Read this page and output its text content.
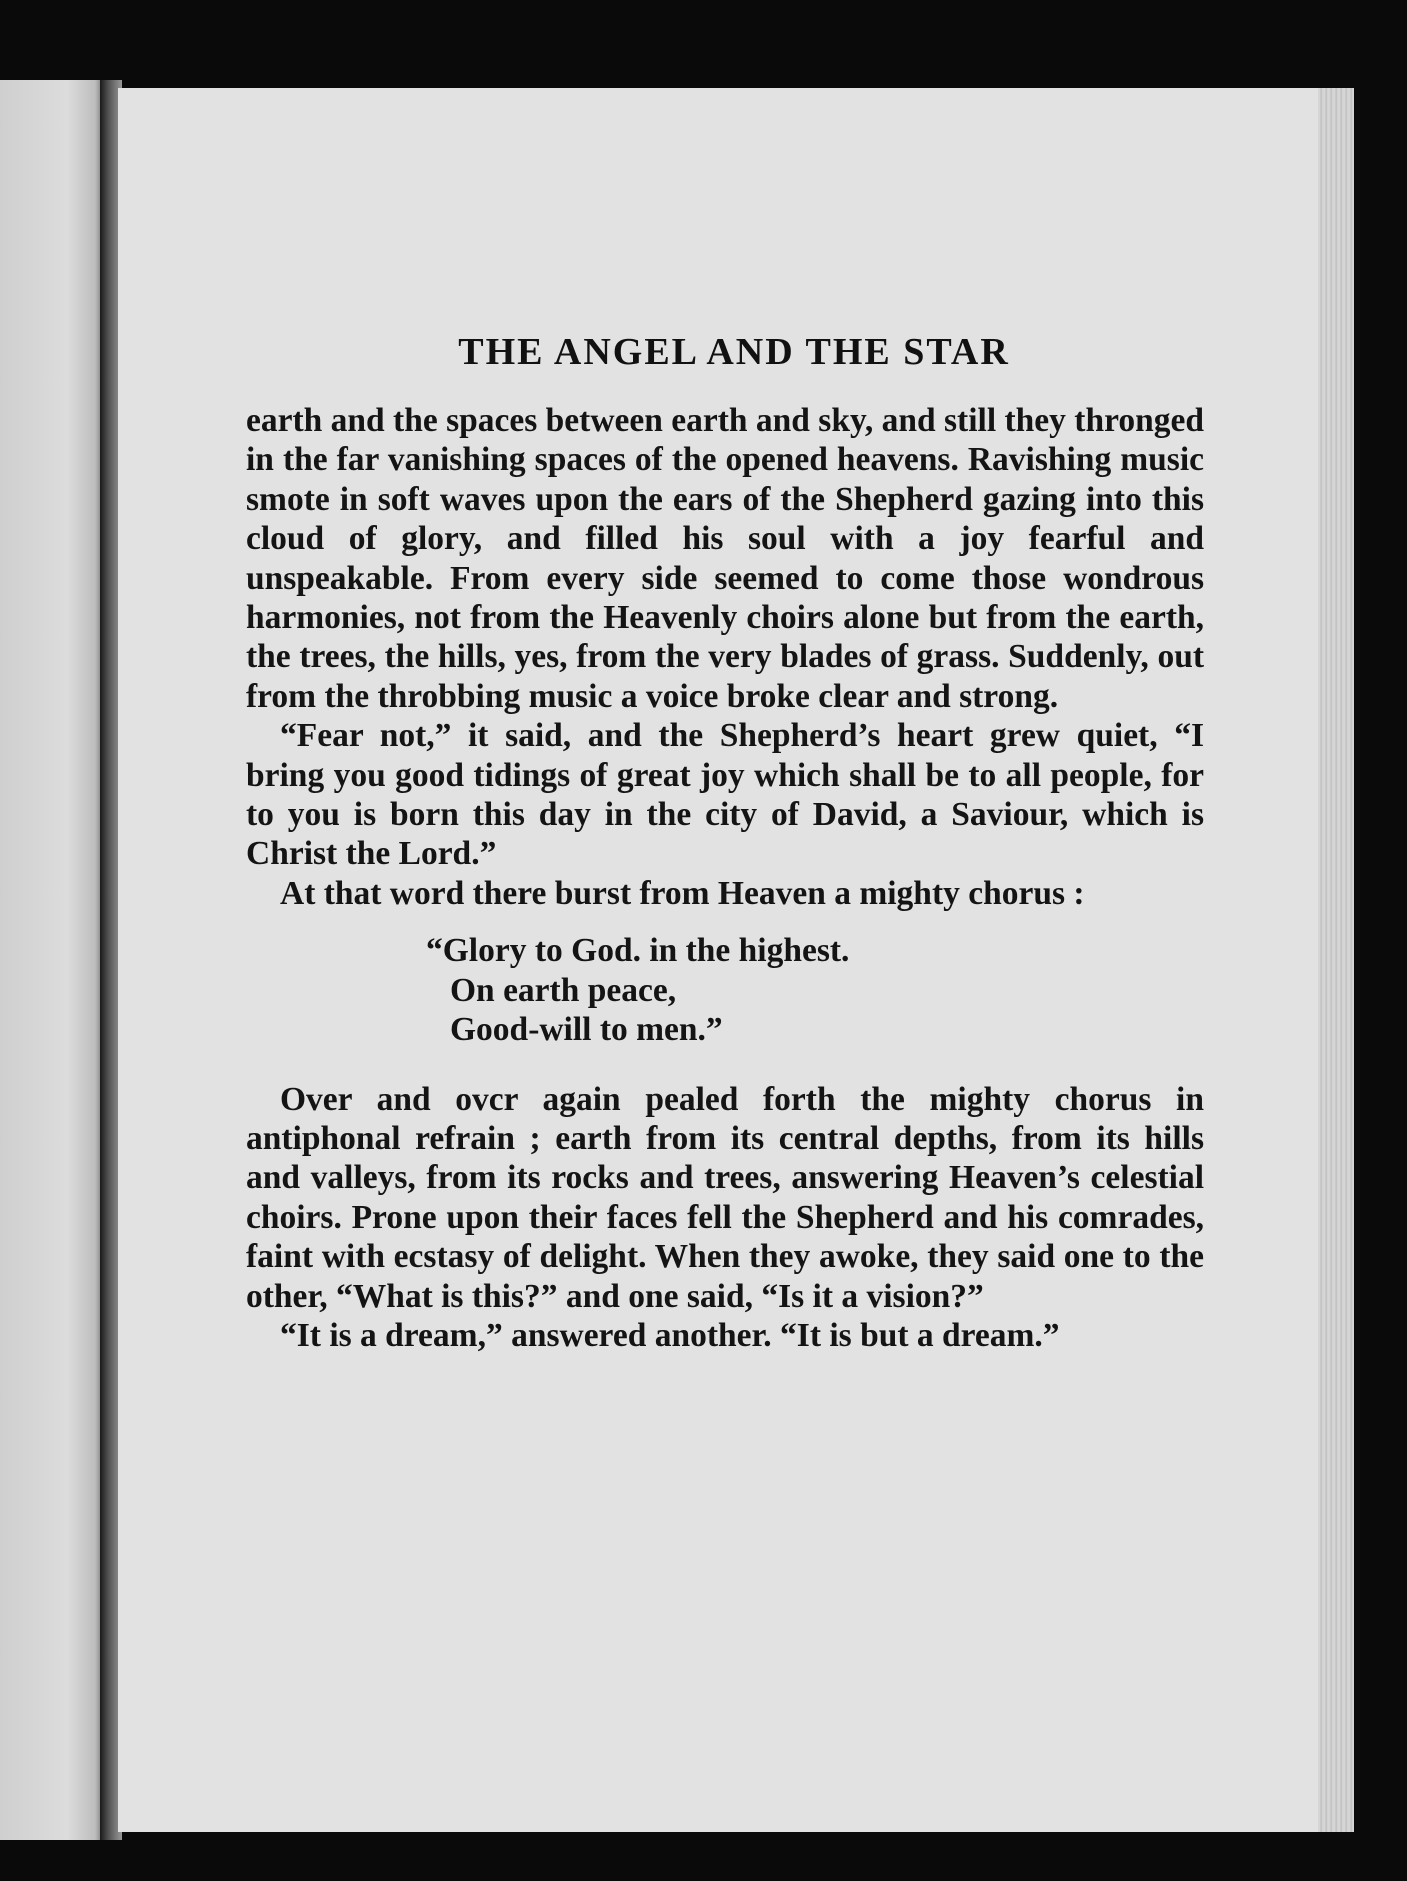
THE ANGEL AND THE STAR

earth and the spaces between earth and sky, and still they thronged in the far vanishing spaces of the opened heavens. Ravishing music smote in soft waves upon the ears of the Shepherd gazing into this cloud of glory, and filled his soul with a joy fearful and unspeakable. From every side seemed to come those wondrous harmonies, not from the Heavenly choirs alone but from the earth, the trees, the hills, yes, from the very blades of grass. Suddenly, out from the throbbing music a voice broke clear and strong.

“Fear not,” it said, and the Shepherd’s heart grew quiet, “I bring you good tidings of great joy which shall be to all people, for to you is born this day in the city of David, a Saviour, which is Christ the Lord.”

At that word there burst from Heaven a mighty chorus :

“Glory to God. in the highest.
On earth peace,
Good-will to men.”

Over and ovcr again pealed forth the mighty chorus in antiphonal refrain ; earth from its central depths, from its hills and valleys, from its rocks and trees, answering Heaven’s celestial choirs. Prone upon their faces fell the Shepherd and his comrades, faint with ecstasy of delight. When they awoke, they said one to the other, “What is this?” and one said, “Is it a vision?”

“It is a dream,” answered another. “It is but a dream.”
